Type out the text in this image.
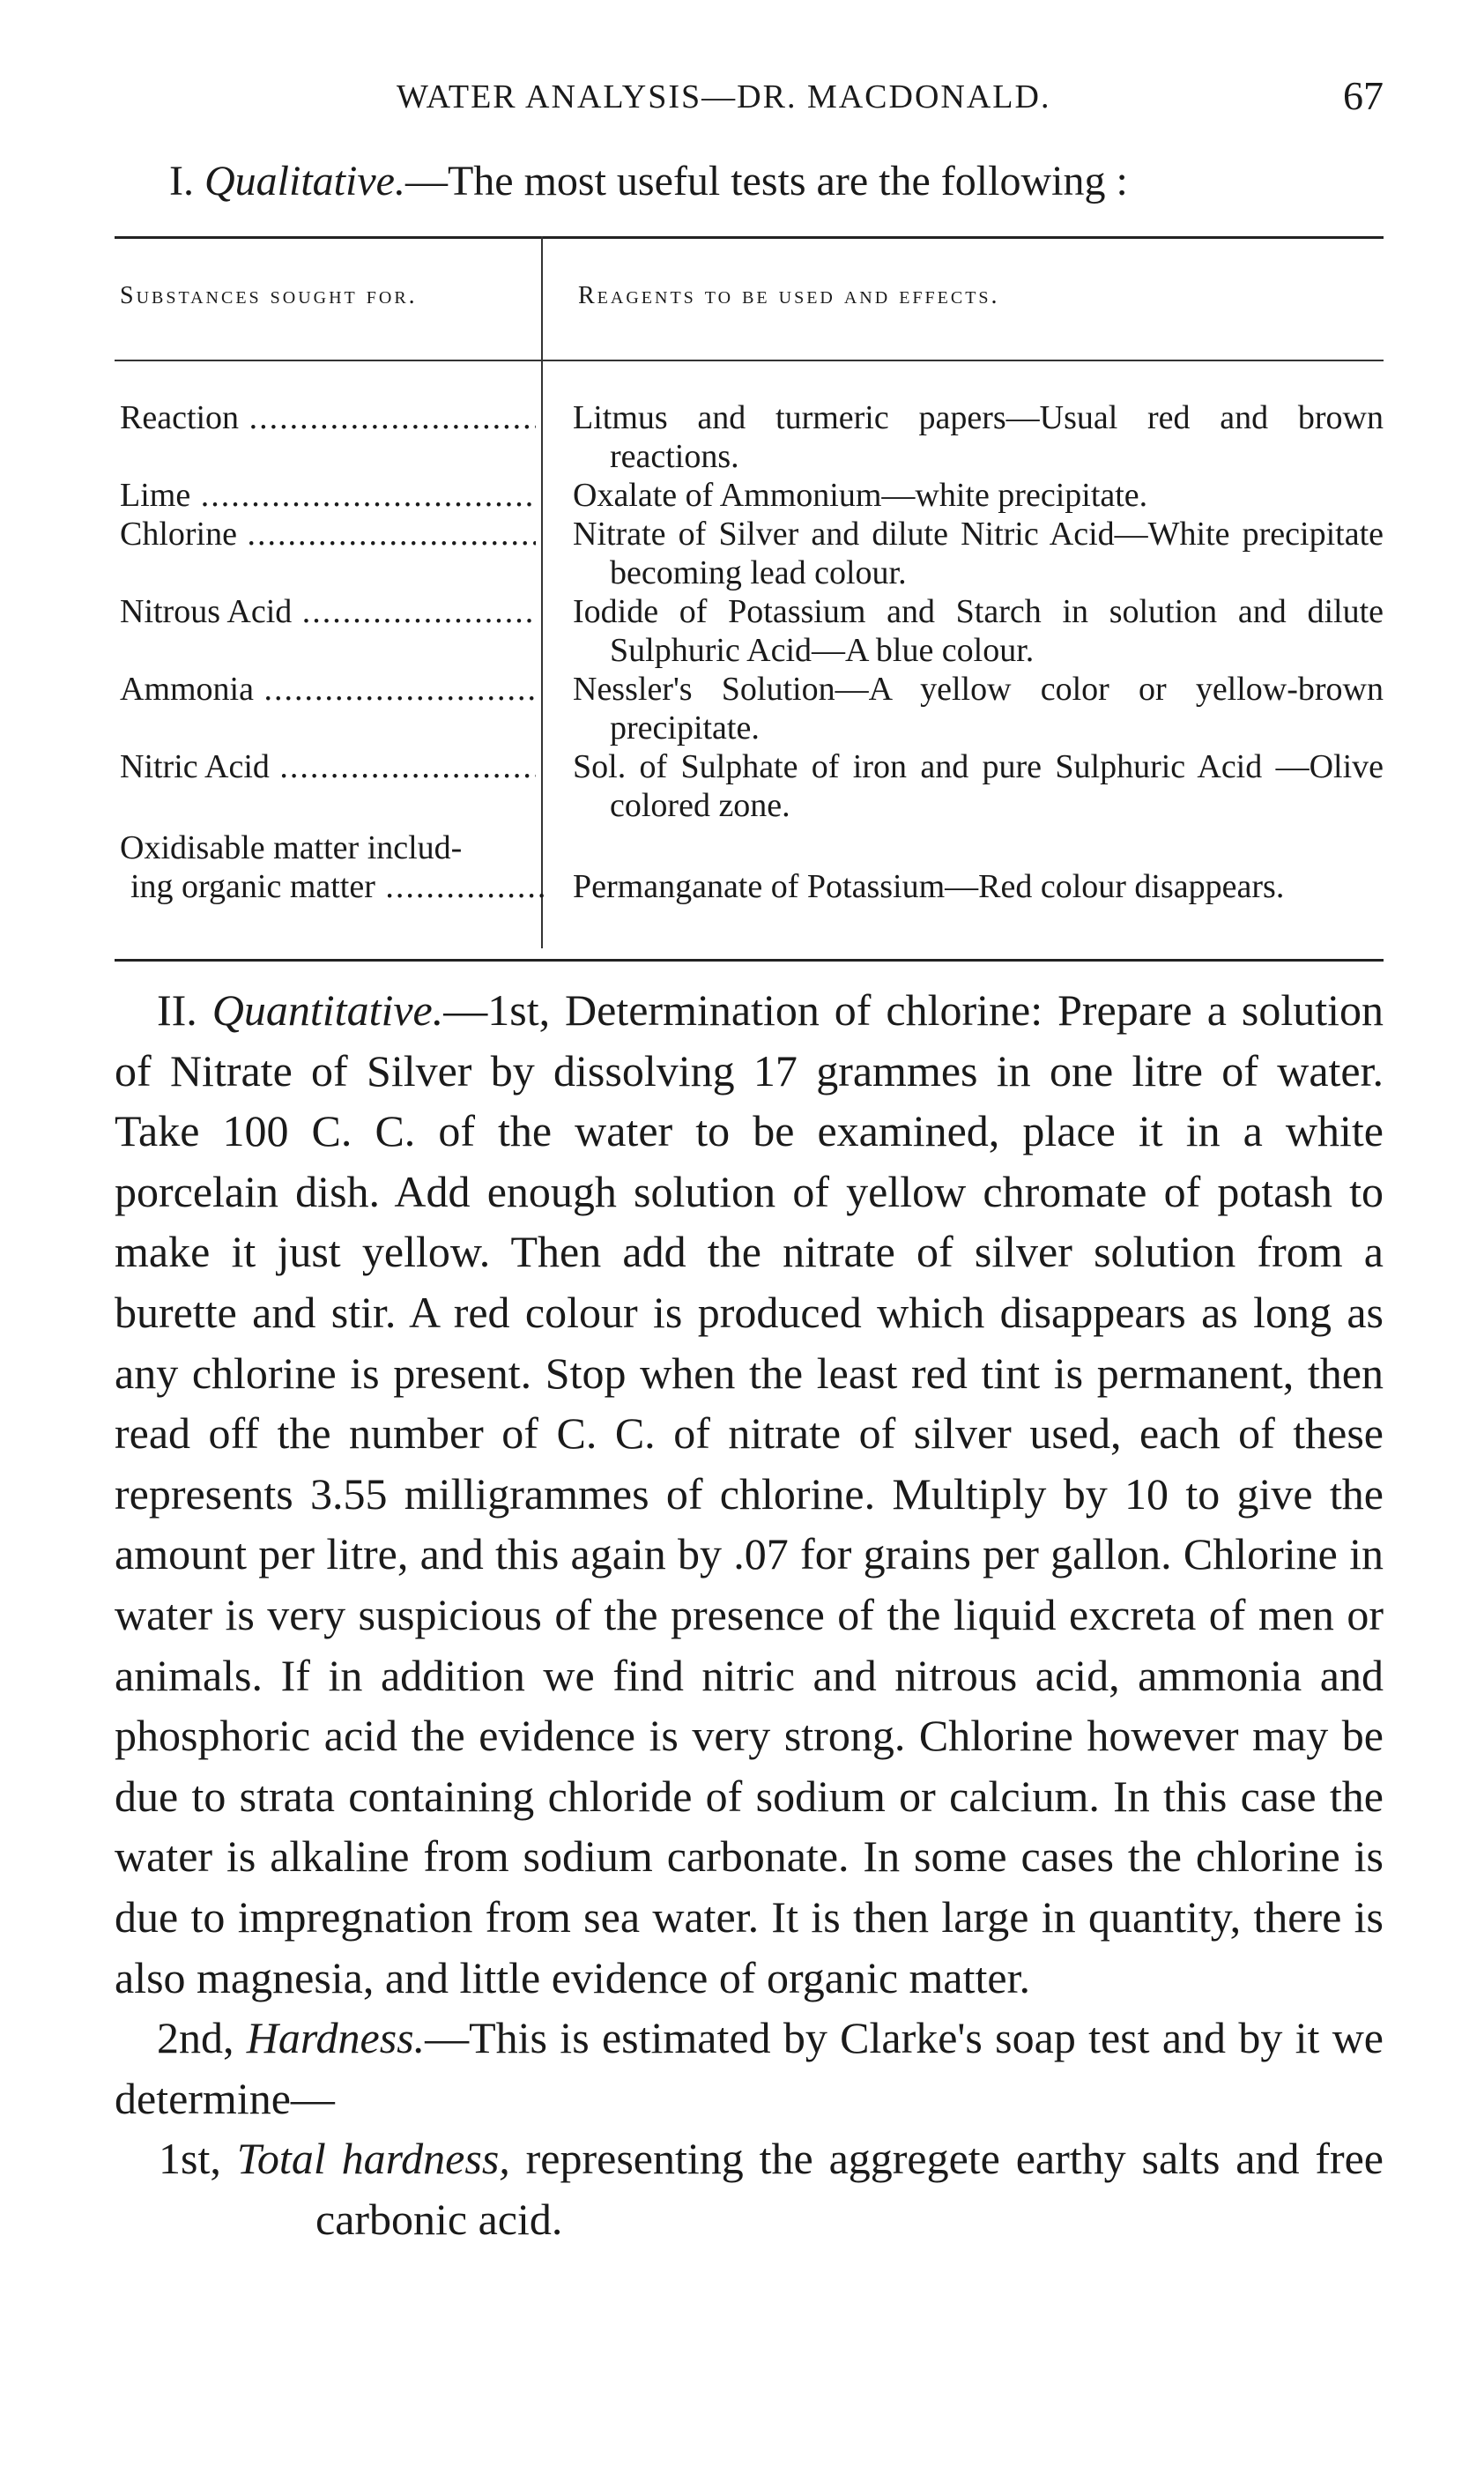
WATER ANALYSIS—DR. MACDONALD.	67
I. Qualitative.—The most useful tests are the following :
Substances sought for.	Reagents to be used and effects.
Reaction .....	Litmus and turmeric papers—Usual red and brown reactions.
Lime .....	Oxalate of Ammonium—white precipitate.
Chlorine .....	Nitrate of Silver and dilute Nitric Acid—White precipitate becoming lead colour.
Nitrous Acid .....	Iodide of Potassium and Starch in solution and dilute Sulphuric Acid—A blue colour.
Ammonia .....	Nessler's Solution—A yellow color or yellow-brown precipitate.
Nitric Acid .....	Sol. of Sulphate of iron and pure Sulphuric Acid —Olive colored zone.
Oxidisable matter includ-
ing organic matter .....	Permanganate of Potassium—Red colour disappears.

II. Quantitative.—1st, Determination of chlorine: Prepare a solution of Nitrate of Silver by dissolving 17 grammes in one litre of water. Take 100 C. C. of the water to be examined, place it in a white porcelain dish. Add enough solution of yellow chromate of potash to make it just yellow. Then add the nitrate of silver solution from a burette and stir. A red colour is produced which disappears as long as any chlorine is present. Stop when the least red tint is permanent, then read off the number of C. C. of nitrate of silver used, each of these represents 3.55 milligrammes of chlorine. Multiply by 10 to give the amount per litre, and this again by .07 for grains per gallon. Chlorine in water is very suspicious of the presence of the liquid excreta of men or animals. If in addition we find nitric and nitrous acid, ammonia and phosphoric acid the evidence is very strong. Chlorine however may be due to strata containing chloride of sodium or calcium. In this case the water is alkaline from sodium carbonate. In some cases the chlorine is due to impregnation from sea water. It is then large in quantity, there is also magnesia, and little evidence of organic matter.

2nd, Hardness.—This is estimated by Clarke's soap test and by it we determine—

1st, Total hardness, representing the aggregete earthy salts and free carbonic acid.
